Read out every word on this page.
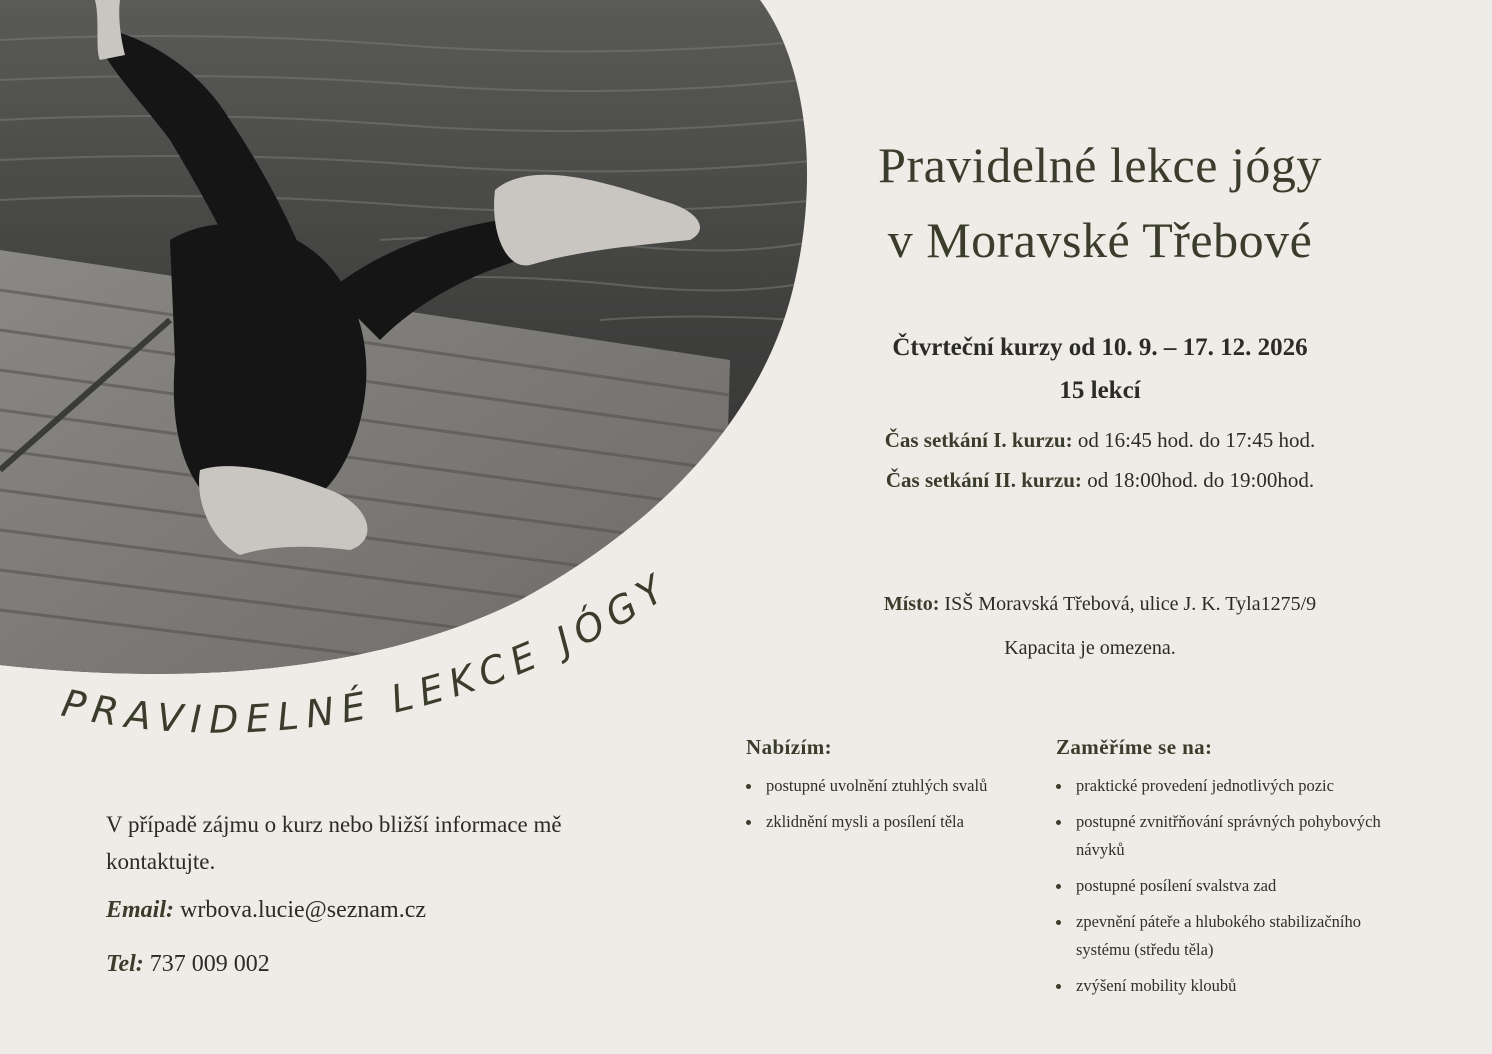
PRAVIDELNÉ LEKCE JÓGY
Pravidelné lekce jógy
v Moravské Třebové
Čtvrteční kurzy od 10. 9. – 17. 12. 2026
15 lekcí
Čas setkání I. kurzu: od 16:45 hod. do 17:45 hod.
Čas setkání II. kurzu: od 18:00hod. do 19:00hod.
Místo: ISŠ Moravská Třebová, ulice J. K. Tyla1275/9
Kapacita je omezena.
Nabízím:
postupné uvolnění ztuhlých svalů
zklidnění mysli a posílení těla
Zaměříme se na:
praktické provedení jednotlivých pozic
postupné zvnitřňování správných pohybových návyků
postupné posílení svalstva zad
zpevnění páteře a hlubokého stabilizačního systému (středu těla)
zvýšení mobility kloubů
V případě zájmu o kurz nebo bližší informace mě kontaktujte.
Email: wrbova.lucie@seznam.cz
Tel: 737 009 002
